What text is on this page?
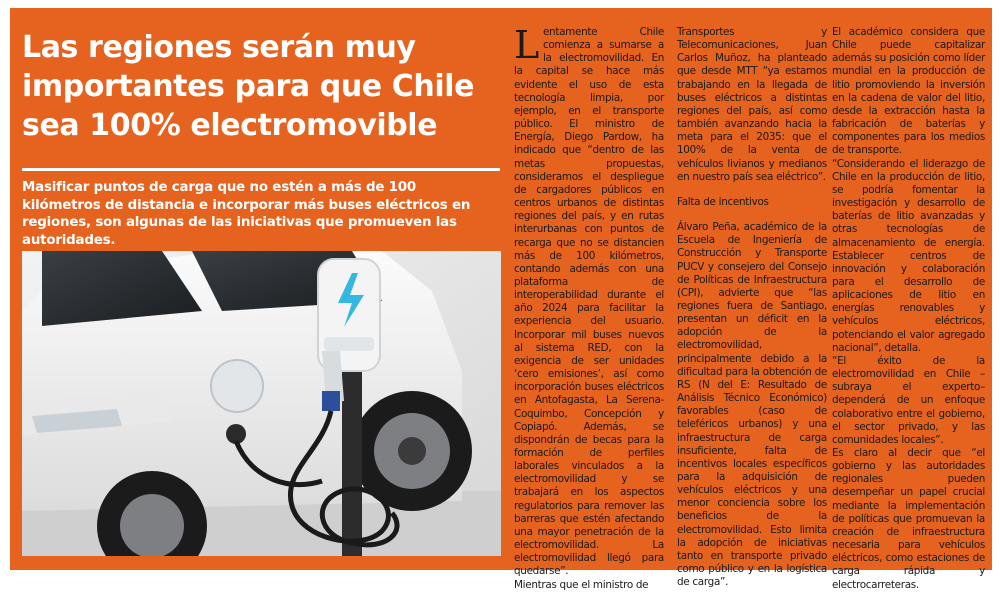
Las regiones serán muy importantes para que Chile sea 100% electromovible

Masificar puntos de carga que no estén a más de 100 kilómetros de distancia e incorporar más buses eléctricos en regiones, son algunas de las iniciativas que promueven las autoridades.

Lentamente Chile comienza a sumarse a la electromovilidad. En la capital se hace más evidente el uso de esta tecnología limpia, por ejemplo, en el transporte público. El ministro de Energía, Diego Pardow, ha indicado que “dentro de las metas propuestas, consideramos el despliegue de cargadores públicos en centros urbanos de distintas regiones del país, y en rutas interurbanas con puntos de recarga que no se distancien más de 100 kilómetros, contando además con una plataforma de interoperabilidad durante el año 2024 para facilitar la experiencia del usuario. Incorporar mil buses nuevos al sistema RED, con la exigencia de ser unidades ‘cero emisiones’, así como incorporación buses eléctricos en Antofagasta, La Serena-Coquimbo, Concepción y Copiapó. Además, se dispondrán de becas para la formación de perfiles laborales vinculados a la electromovilidad y se trabajará en los aspectos regulatorios para remover las barreras que estén afectando una mayor penetración de la electromovilidad. La electromovilidad llegó para quedarse”.

Mientras que el ministro de

Transportes y Telecomunicaciones, Juan Carlos Muñoz, ha planteado que desde MTT “ya estamos trabajando en la llegada de buses eléctricos a distintas regiones del país, así como también avanzando hacia la meta para el 2035: que el 100% de la venta de vehículos livianos y medianos en nuestro país sea eléctrico”.

Falta de incentivos

Álvaro Peña, académico de la Escuela de Ingeniería de Construcción y Transporte PUCV y consejero del Consejo de Políticas de Infraestructura (CPI), advierte que “las regiones fuera de Santiago, presentan un déficit en la adopción de la electromovilidad, principalmente debido a la dificultad para la obtención de RS (N del E: Resultado de Análisis Técnico Económico) favorables (caso de teleféricos urbanos) y una infraestructura de carga insuficiente, falta de incentivos locales específicos para la adquisición de vehículos eléctricos y una menor conciencia sobre los beneficios de la electromovilidad. Esto limita la adopción de iniciativas tanto en transporte privado como público y en la logística de carga”.

El académico considera que Chile puede capitalizar además su posición como líder mundial en la producción de litio promoviendo la inversión en la cadena de valor del litio, desde la extracción hasta la fabricación de baterías y componentes para los medios de transporte.

“Considerando el liderazgo de Chile en la producción de litio, se podría fomentar la investigación y desarrollo de baterías de litio avanzadas y otras tecnologías de almacenamiento de energía. Establecer centros de innovación y colaboración para el desarrollo de aplicaciones de litio en energías renovables y vehículos eléctricos, potenciando el valor agregado nacional”, detalla.

“El éxito de la electromovilidad en Chile –subraya el experto– dependerá de un enfoque colaborativo entre el gobierno, el sector privado, y las comunidades locales”.

Es claro al decir que “el gobierno y las autoridades regionales pueden desempeñar un papel crucial mediante la implementación de políticas que promuevan la creación de infraestructura necesaria para vehículos eléctricos, como estaciones de carga rápida y electrocarreteras.
